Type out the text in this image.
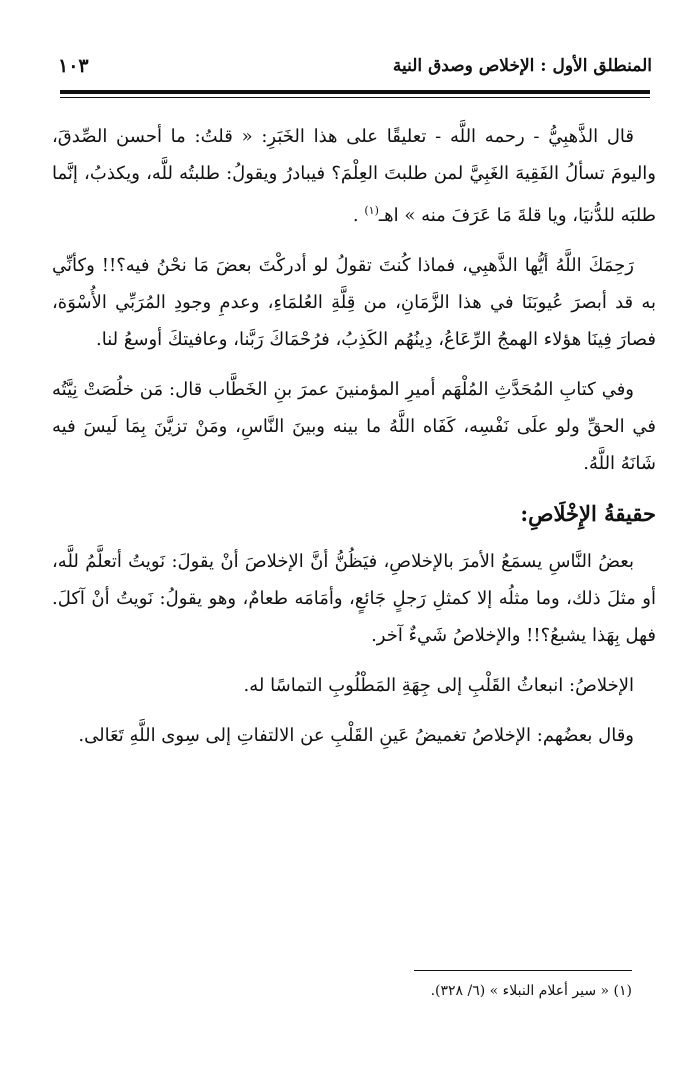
المنطلق الأول : الإخلاص وصدق النية
١٠٣

قال الذَّهبِيُّ - رحمه اللَّه - تعليقًا على هذا الخَبَرِ: « قلتُ: ما أحسن الصِّدقَ، واليومَ تسألُ الفَقِيهَ الغَبِيَّ لمن طلبتَ العِلْمَ؟ فيبادرُ ويقولُ: طلبتُه للَّه، ويكذبُ، إنَّما طلبَه للدُّنيَا، ويا قلةَ مَا عَرَفَ منه » اهـ$^{(١)}$ .

رَحِمَكَ اللَّهُ أيُّها الذَّهبِي، فماذا كُنتَ تقولُ لو أدركْتَ بعضَ مَا نحْنُ فيه؟!! وكأنِّي به قد أبصرَ عُيوبَنَا في هذا الزَّمَانِ، من قِلَّةِ العُلمَاءِ، وعدمِ وجودِ المُرَبِّي الأُسْوَة، فصارَ فِينَا هؤلاء الهمجُ الرِّعَاعُ، دِينُهُم الكَذِبُ، فرُحْمَاكَ رَبَّنا، وعافيتكَ أوسعُ لنا.

وفي كتابِ المُحَدَّثِ المُلْهَم أميرِ المؤمنينَ عمرَ بنِ الخَطَّاب قال: مَن خلُصَتْ نِيَّتُه في الحقِّ ولو علَى نَفْسِه، كَفَاه اللَّهُ ما بينه وبينَ النَّاسِ، ومَنْ تزيَّنَ بِمَا لَيسَ فيه شَانَهُ اللَّهُ.

حقيقةُ الإِخْلَاصِ:

بعضُ النَّاسِ يسمَعُ الأمرَ بالإخلاصِ، فيَظُنُّ أنَّ الإخلاصَ أنْ يقولَ: نَويتُ أتعلَّمُ للَّه، أو مثلَ ذلك، وما مثلُه إلا كمثلِ رَجلٍ جَائعٍ، وأمَامَه طعامٌ، وهو يقولُ: نَويتُ أنْ آكلَ. فهل بِهَذا يشبعُ؟!! والإخلاصُ شَيءٌ آخر.

الإخلاصُ: انبعاثُ القَلْبِ إلى جِهَةِ المَطْلُوبِ التماسًا له.

وقال بعضُهم: الإخلاصُ تغميضُ عَينِ القَلْبِ عن الالتفاتِ إلى سِوى اللَّهِ تَعَالى.

(١) « سير أعلام النبلاء » (٦/ ٣٢٨).
